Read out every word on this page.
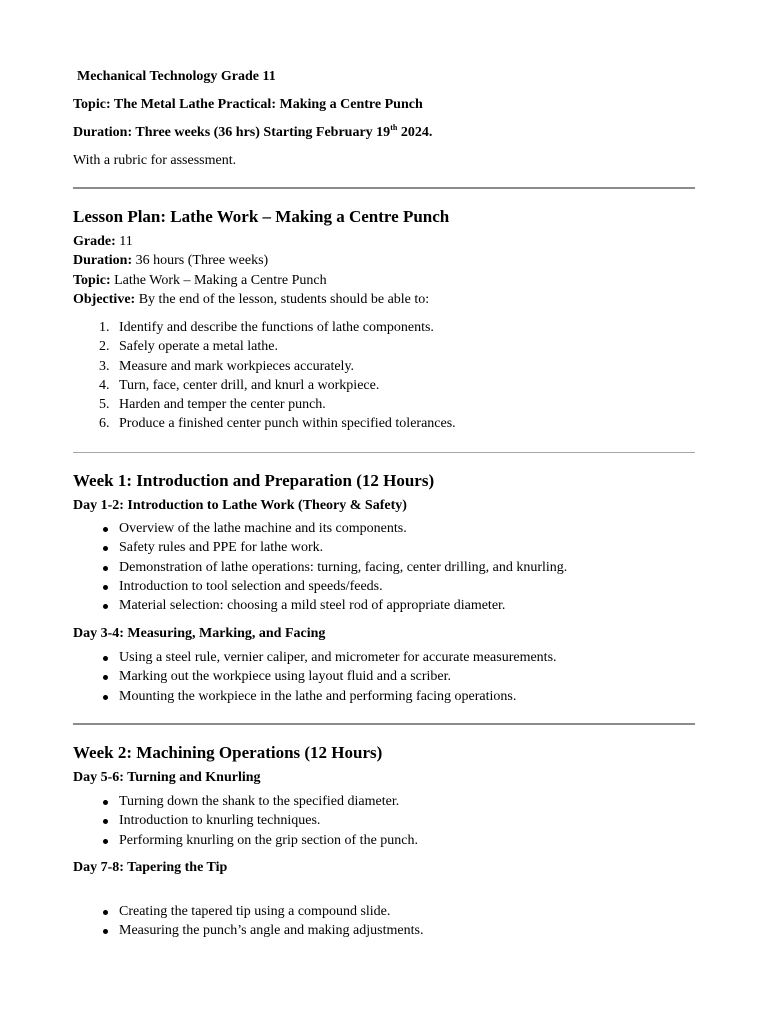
Mechanical Technology Grade 11
Topic: The Metal Lathe Practical: Making a Centre Punch
Duration: Three weeks (36 hrs) Starting February 19th 2024.
With a rubric for assessment.
Lesson Plan: Lathe Work – Making a Centre Punch
Grade: 11
Duration: 36 hours (Three weeks)
Topic: Lathe Work – Making a Centre Punch
Objective: By the end of the lesson, students should be able to:
1. Identify and describe the functions of lathe components.
2. Safely operate a metal lathe.
3. Measure and mark workpieces accurately.
4. Turn, face, center drill, and knurl a workpiece.
5. Harden and temper the center punch.
6. Produce a finished center punch within specified tolerances.
Week 1: Introduction and Preparation (12 Hours)
Day 1-2: Introduction to Lathe Work (Theory & Safety)
Overview of the lathe machine and its components.
Safety rules and PPE for lathe work.
Demonstration of lathe operations: turning, facing, center drilling, and knurling.
Introduction to tool selection and speeds/feeds.
Material selection: choosing a mild steel rod of appropriate diameter.
Day 3-4: Measuring, Marking, and Facing
Using a steel rule, vernier caliper, and micrometer for accurate measurements.
Marking out the workpiece using layout fluid and a scriber.
Mounting the workpiece in the lathe and performing facing operations.
Week 2: Machining Operations (12 Hours)
Day 5-6: Turning and Knurling
Turning down the shank to the specified diameter.
Introduction to knurling techniques.
Performing knurling on the grip section of the punch.
Day 7-8: Tapering the Tip
Creating the tapered tip using a compound slide.
Measuring the punch’s angle and making adjustments.
